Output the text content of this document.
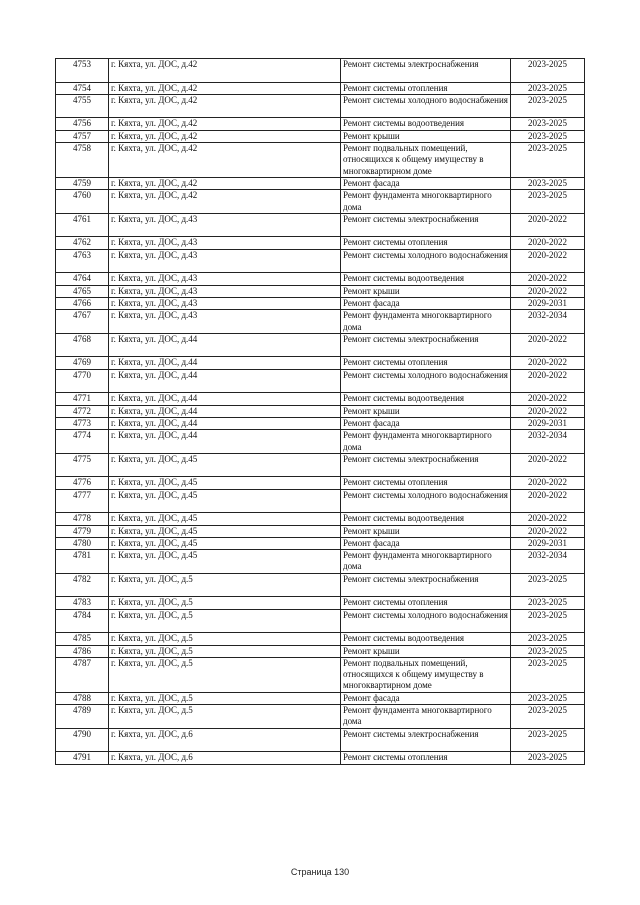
4753	г. Кяхта, ул. ДОС, д.42	Ремонт системы электроснабжения	2023-2025
4754	г. Кяхта, ул. ДОС, д.42	Ремонт системы отопления	2023-2025
4755	г. Кяхта, ул. ДОС, д.42	Ремонт системы холодного водоснабжения	2023-2025
4756	г. Кяхта, ул. ДОС, д.42	Ремонт системы водоотведения	2023-2025
4757	г. Кяхта, ул. ДОС, д.42	Ремонт крыши	2023-2025
4758	г. Кяхта, ул. ДОС, д.42	Ремонт подвальных помещений, относящихся к общему имуществу в многоквартирном доме	2023-2025
4759	г. Кяхта, ул. ДОС, д.42	Ремонт фасада	2023-2025
4760	г. Кяхта, ул. ДОС, д.42	Ремонт фундамента многоквартирного дома	2023-2025
4761	г. Кяхта, ул. ДОС, д.43	Ремонт системы электроснабжения	2020-2022
4762	г. Кяхта, ул. ДОС, д.43	Ремонт системы отопления	2020-2022
4763	г. Кяхта, ул. ДОС, д.43	Ремонт системы холодного водоснабжения	2020-2022
4764	г. Кяхта, ул. ДОС, д.43	Ремонт системы водоотведения	2020-2022
4765	г. Кяхта, ул. ДОС, д.43	Ремонт крыши	2020-2022
4766	г. Кяхта, ул. ДОС, д.43	Ремонт фасада	2029-2031
4767	г. Кяхта, ул. ДОС, д.43	Ремонт фундамента многоквартирного дома	2032-2034
4768	г. Кяхта, ул. ДОС, д.44	Ремонт системы электроснабжения	2020-2022
4769	г. Кяхта, ул. ДОС, д.44	Ремонт системы отопления	2020-2022
4770	г. Кяхта, ул. ДОС, д.44	Ремонт системы холодного водоснабжения	2020-2022
4771	г. Кяхта, ул. ДОС, д.44	Ремонт системы водоотведения	2020-2022
4772	г. Кяхта, ул. ДОС, д.44	Ремонт крыши	2020-2022
4773	г. Кяхта, ул. ДОС, д.44	Ремонт фасада	2029-2031
4774	г. Кяхта, ул. ДОС, д.44	Ремонт фундамента многоквартирного дома	2032-2034
4775	г. Кяхта, ул. ДОС, д.45	Ремонт системы электроснабжения	2020-2022
4776	г. Кяхта, ул. ДОС, д.45	Ремонт системы отопления	2020-2022
4777	г. Кяхта, ул. ДОС, д.45	Ремонт системы холодного водоснабжения	2020-2022
4778	г. Кяхта, ул. ДОС, д.45	Ремонт системы водоотведения	2020-2022
4779	г. Кяхта, ул. ДОС, д.45	Ремонт крыши	2020-2022
4780	г. Кяхта, ул. ДОС, д.45	Ремонт фасада	2029-2031
4781	г. Кяхта, ул. ДОС, д.45	Ремонт фундамента многоквартирного дома	2032-2034
4782	г. Кяхта, ул. ДОС, д.5	Ремонт системы электроснабжения	2023-2025
4783	г. Кяхта, ул. ДОС, д.5	Ремонт системы отопления	2023-2025
4784	г. Кяхта, ул. ДОС, д.5	Ремонт системы холодного водоснабжения	2023-2025
4785	г. Кяхта, ул. ДОС, д.5	Ремонт системы водоотведения	2023-2025
4786	г. Кяхта, ул. ДОС, д.5	Ремонт крыши	2023-2025
4787	г. Кяхта, ул. ДОС, д.5	Ремонт подвальных помещений, относящихся к общему имуществу в многоквартирном доме	2023-2025
4788	г. Кяхта, ул. ДОС, д.5	Ремонт фасада	2023-2025
4789	г. Кяхта, ул. ДОС, д.5	Ремонт фундамента многоквартирного дома	2023-2025
4790	г. Кяхта, ул. ДОС, д.6	Ремонт системы электроснабжения	2023-2025
4791	г. Кяхта, ул. ДОС, д.6	Ремонт системы отопления	2023-2025
Страница 130
